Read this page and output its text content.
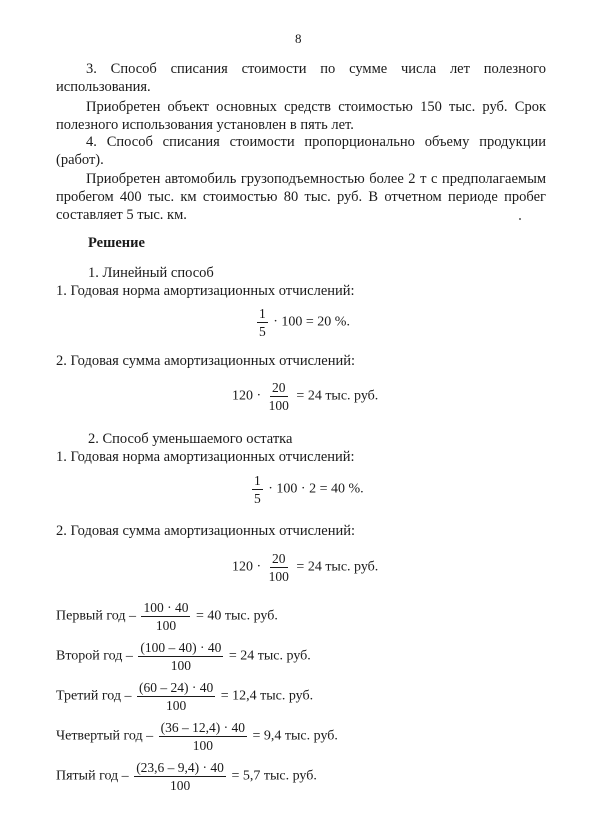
8
3. Способ списания стоимости по сумме числа лет полезного использования.
Приобретен объект основных средств стоимостью 150 тыс. руб. Срок полезного использования установлен в пять лет.
4. Способ списания стоимости пропорционально объему продукции (работ).
Приобретен автомобиль грузоподъемностью более 2 т с предполагаемым пробегом 400 тыс. км стоимостью 80 тыс. руб. В отчетном периоде пробег составляет 5 тыс. км.
Решение
1. Линейный способ
1. Годовая норма амортизационных отчислений:
$\frac{1}{5} \cdot 100 = 20$ %.
2. Годовая сумма амортизационных отчислений:
$120 \cdot \frac{20}{100} = 24$ тыс. руб.
2. Способ уменьшаемого остатка
1. Годовая норма амортизационных отчислений:
$\frac{1}{5} \cdot 100 \cdot 2 = 40$ %.
2. Годовая сумма амортизационных отчислений:
$120 \cdot \frac{20}{100} = 24$ тыс. руб.
Первый год – $\frac{100 \cdot 40}{100} = 40$ тыс. руб.
Второй год – $\frac{(100 - 40) \cdot 40}{100} = 24$ тыс. руб.
Третий год – $\frac{(60 - 24) \cdot 40}{100} = 12,4$ тыс. руб.
Четвертый год – $\frac{(36 - 12,4) \cdot 40}{100} = 9,4$ тыс. руб.
Пятый год – $\frac{(23,6 - 9,4) \cdot 40}{100} = 5,7$ тыс. руб.
